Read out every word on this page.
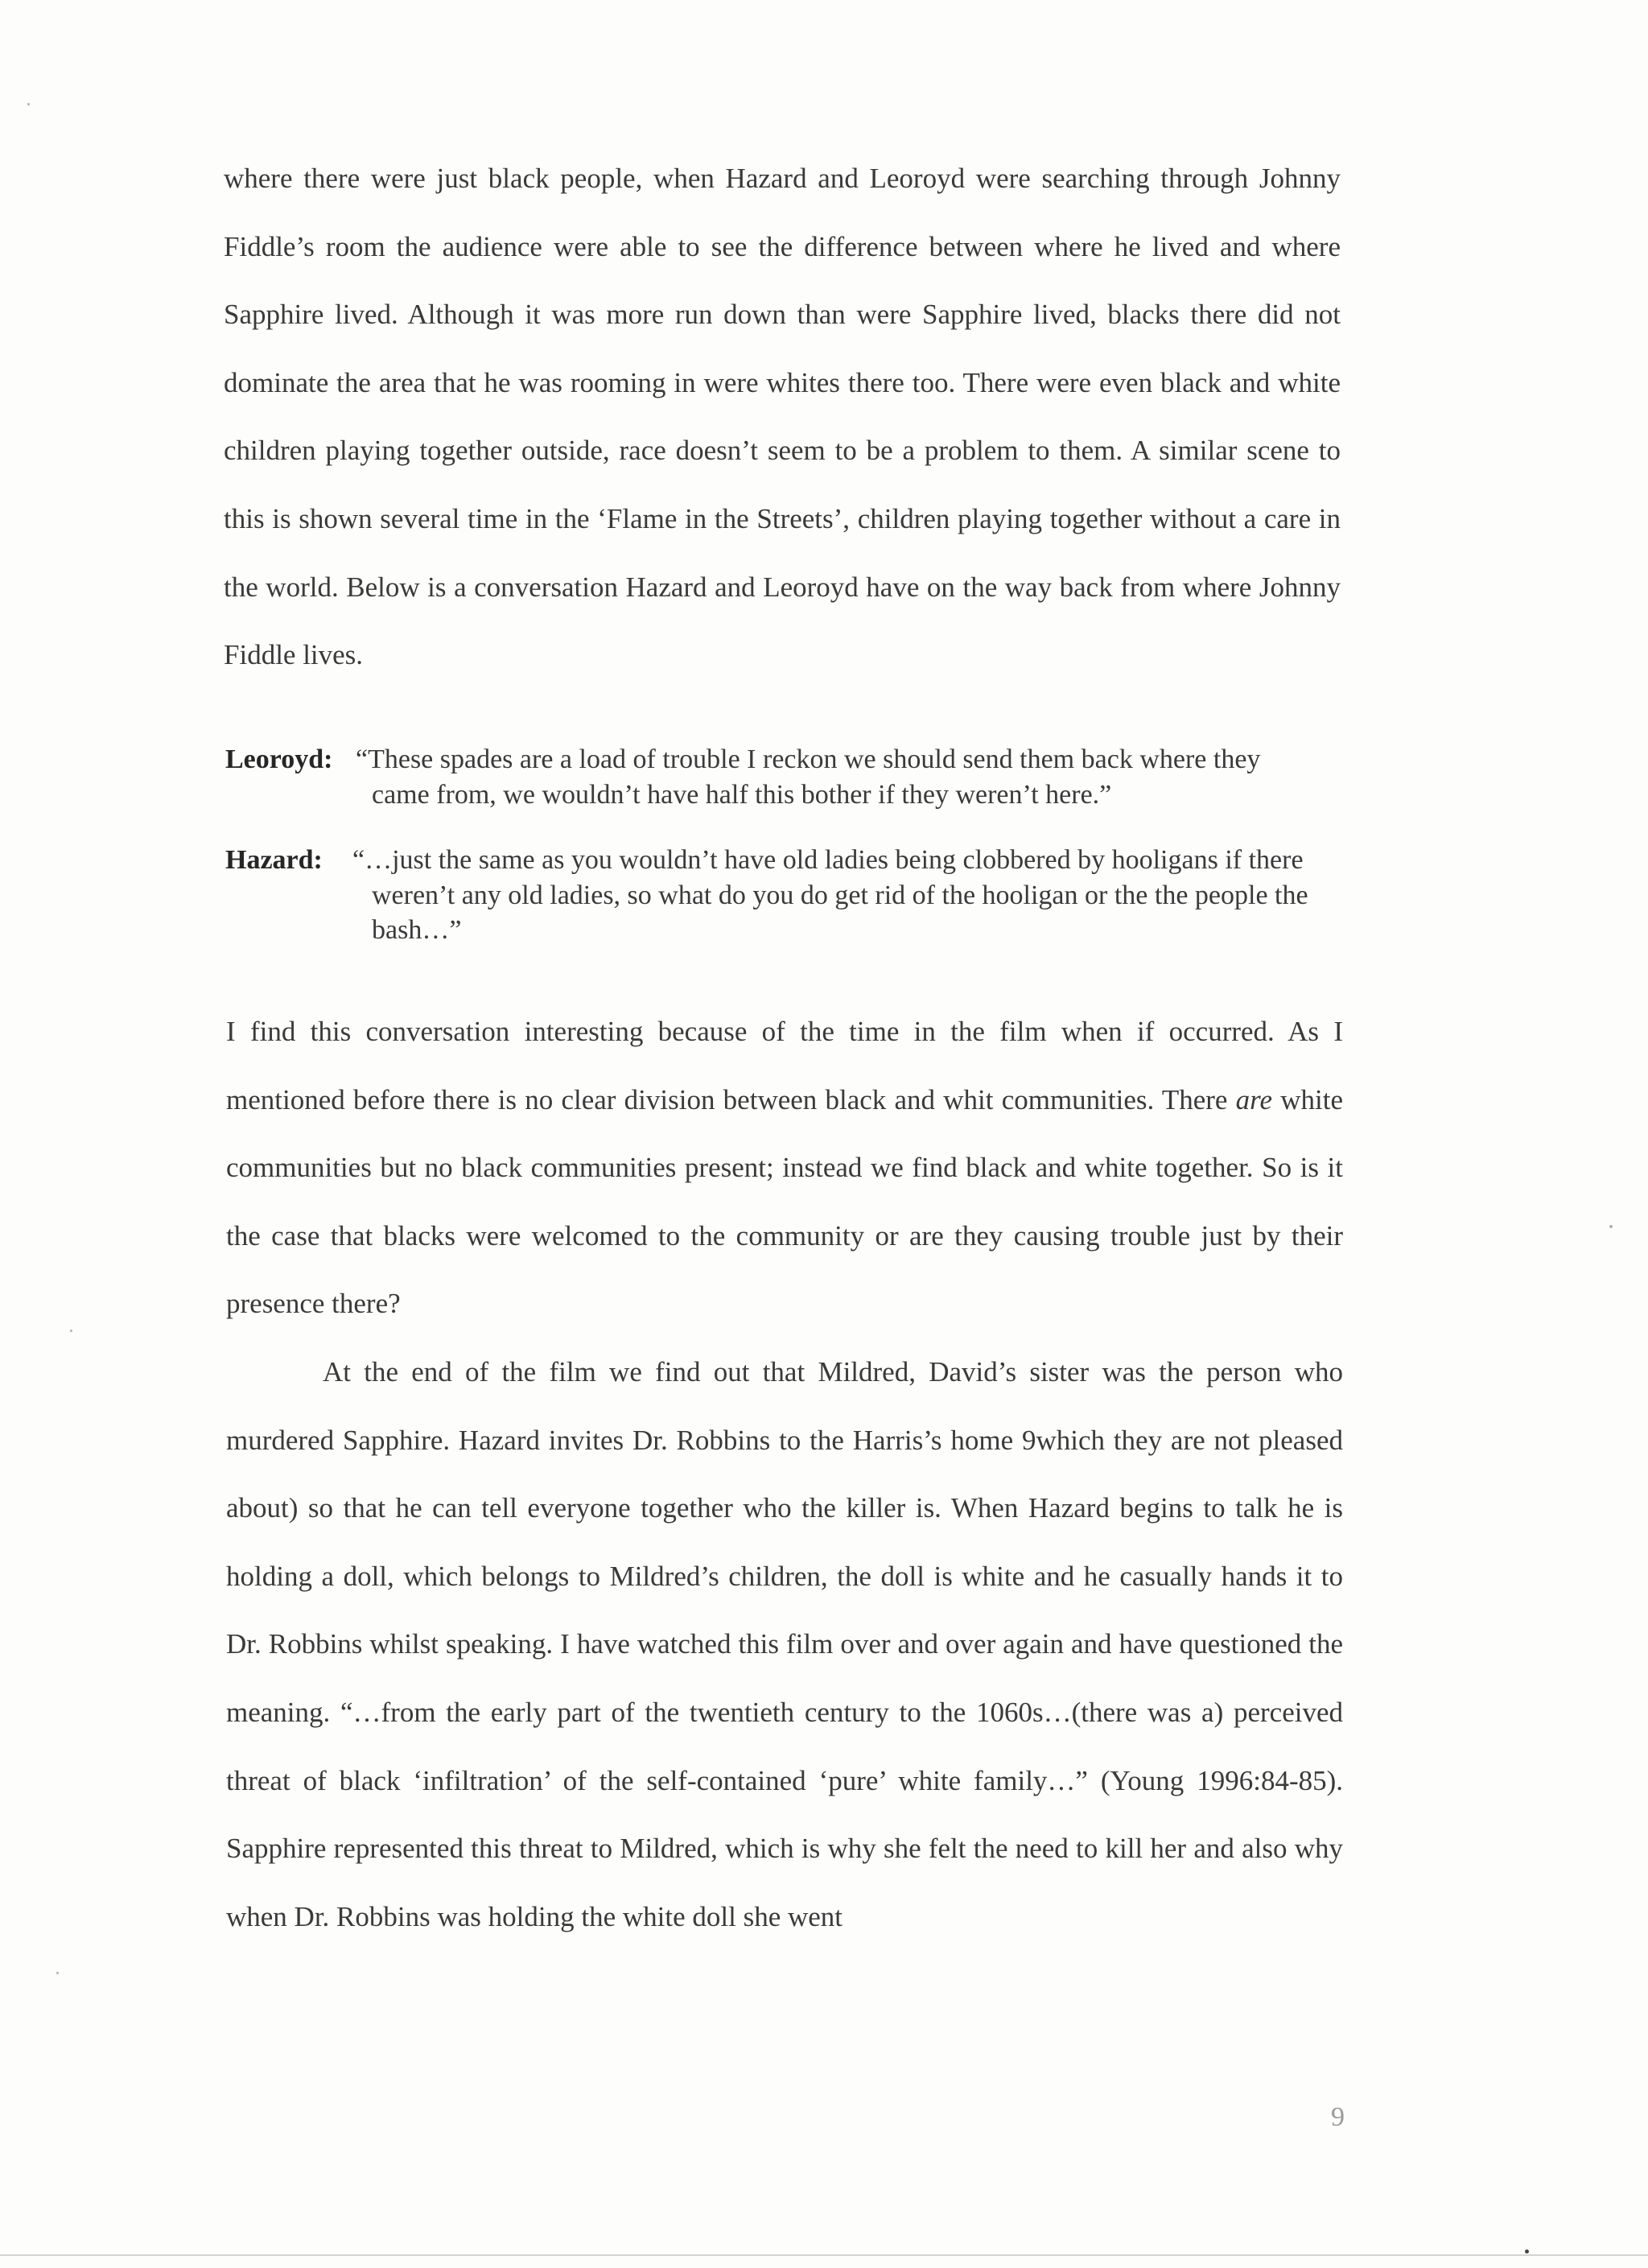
where there were just black people, when Hazard and Leoroyd were searching through Johnny Fiddle’s room the audience were able to see the difference between where he lived and where Sapphire lived. Although it was more run down than were Sapphire lived, blacks there did not dominate the area that he was rooming in were whites there too. There were even black and white children playing together outside, race doesn’t seem to be a problem to them. A similar scene to this is shown several time in the ‘Flame in the Streets’, children playing together without a care in the world. Below is a conversation Hazard and Leoroyd have on the way back from where Johnny Fiddle lives.

Leoroyd: “These spades are a load of trouble I reckon we should send them back where they came from, we wouldn’t have half this bother if they weren’t here.”
Hazard:	“…just the same as you wouldn’t have old ladies being clobbered by hooligans if there weren’t any old ladies, so what do you do get rid of the hooligan or the the people the bash…”

I find this conversation interesting because of the time in the film when if occurred. As I mentioned before there is no clear division between black and whit communities. There are white communities but no black communities present; instead we find black and white together. So is it the case that blacks were welcomed to the community or are they causing trouble just by their presence there?

At the end of the film we find out that Mildred, David’s sister was the person who murdered Sapphire. Hazard invites Dr. Robbins to the Harris’s home 9which they are not pleased about) so that he can tell everyone together who the killer is. When Hazard begins to talk he is holding a doll, which belongs to Mildred’s children, the doll is white and he casually hands it to Dr. Robbins whilst speaking. I have watched this film over and over again and have questioned the meaning. “…from the early part of the twentieth century to the 1060s…(there was a) perceived threat of black ‘infiltration’ of the self-contained ‘pure’ white family…” (Young 1996:84-85). Sapphire represented this threat to Mildred, which is why she felt the need to kill her and also why when Dr. Robbins was holding the white doll she went

9
